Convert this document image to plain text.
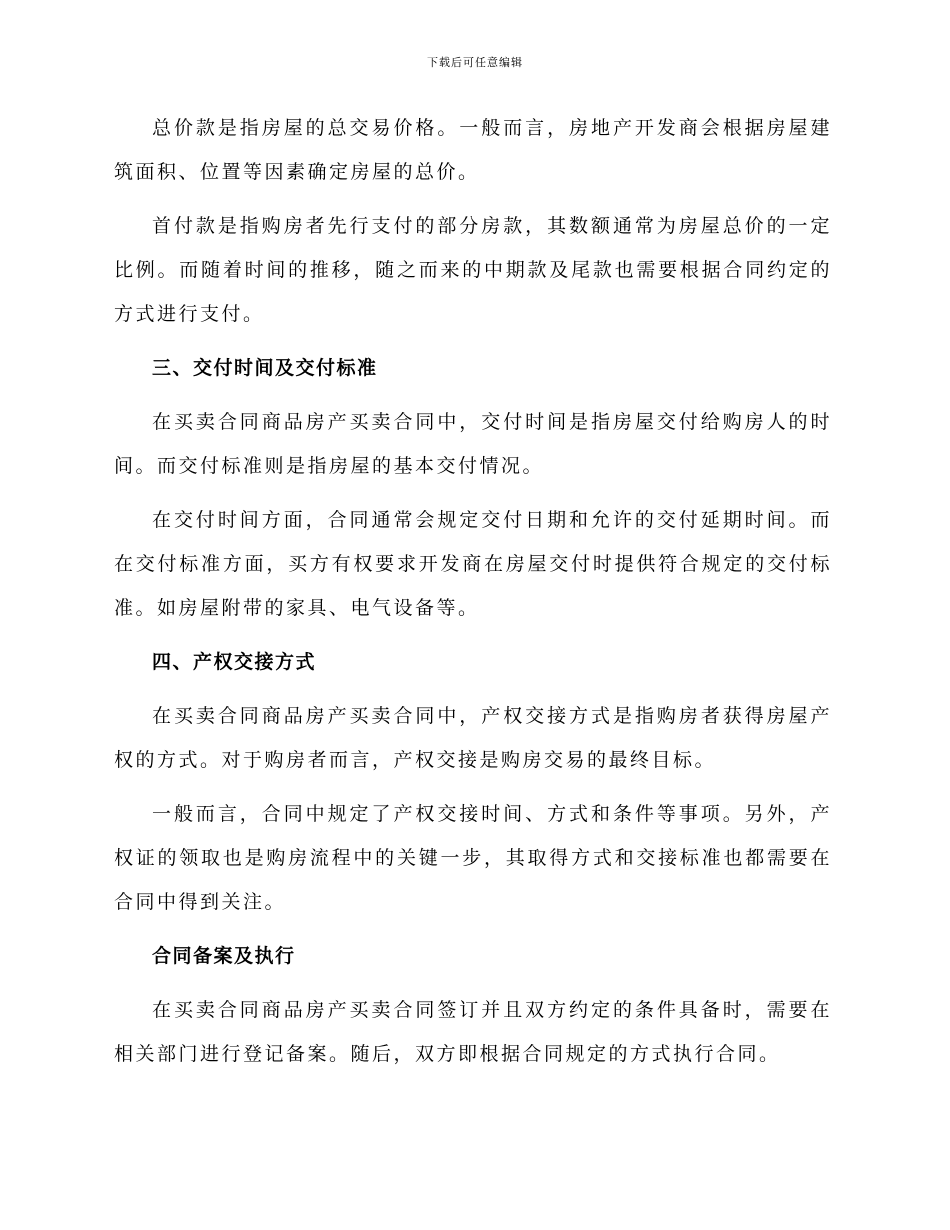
下载后可任意编辑

总价款是指房屋的总交易价格。一般而言，房地产开发商会根据房屋建筑面积、位置等因素确定房屋的总价。

首付款是指购房者先行支付的部分房款，其数额通常为房屋总价的一定比例。而随着时间的推移，随之而来的中期款及尾款也需要根据合同约定的方式进行支付。

三、交付时间及交付标准

在买卖合同商品房产买卖合同中，交付时间是指房屋交付给购房人的时间。而交付标准则是指房屋的基本交付情况。

在交付时间方面，合同通常会规定交付日期和允许的交付延期时间。而在交付标准方面，买方有权要求开发商在房屋交付时提供符合规定的交付标准。如房屋附带的家具、电气设备等。

四、产权交接方式

在买卖合同商品房产买卖合同中，产权交接方式是指购房者获得房屋产权的方式。对于购房者而言，产权交接是购房交易的最终目标。

一般而言，合同中规定了产权交接时间、方式和条件等事项。另外，产权证的领取也是购房流程中的关键一步，其取得方式和交接标准也都需要在合同中得到关注。

合同备案及执行

在买卖合同商品房产买卖合同签订并且双方约定的条件具备时，需要在相关部门进行登记备案。随后，双方即根据合同规定的方式执行合同。
